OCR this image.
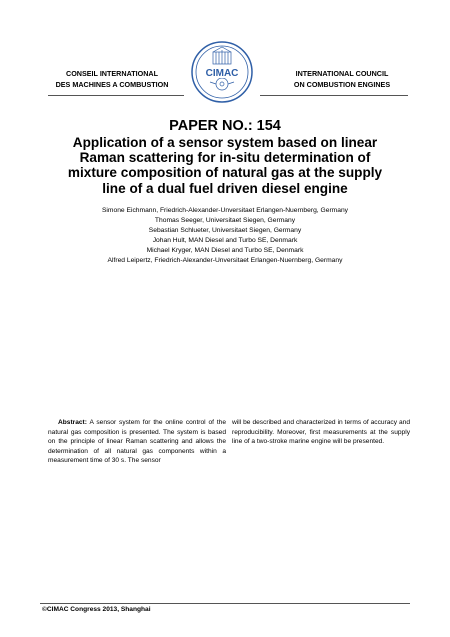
CONSEIL INTERNATIONAL
DES MACHINES A COMBUSTION
INTERNATIONAL COUNCIL
ON COMBUSTION ENGINES
CIMAC
PAPER NO.: 154
Application of a sensor system based on linear
Raman scattering for in-situ determination of
mixture composition of natural gas at the supply
line of a dual fuel driven diesel engine
Simone Eichmann, Friedrich-Alexander-Unversitaet Erlangen-Nuernberg, Germany
Thomas Seeger, Universitaet Siegen, Germany
Sebastian Schlueter, Universitaet Siegen, Germany
Johan Hult, MAN Diesel and Turbo SE, Denmark
Michael Kryger, MAN Diesel and Turbo SE, Denmark
Alfred Leipertz, Friedrich-Alexander-Unversitaet Erlangen-Nuernberg, Germany
Abstract: A sensor system for the online control of the natural gas composition is presented. The system is based on the principle of linear Raman scattering and allows the determination of all natural gas components within a measurement time of 30 s. The sensor
will be described and characterized in terms of accuracy and reproducibility. Moreover, first measurements at the supply line of a two-stroke marine engine will be presented.
©CIMAC Congress 2013, Shanghai
